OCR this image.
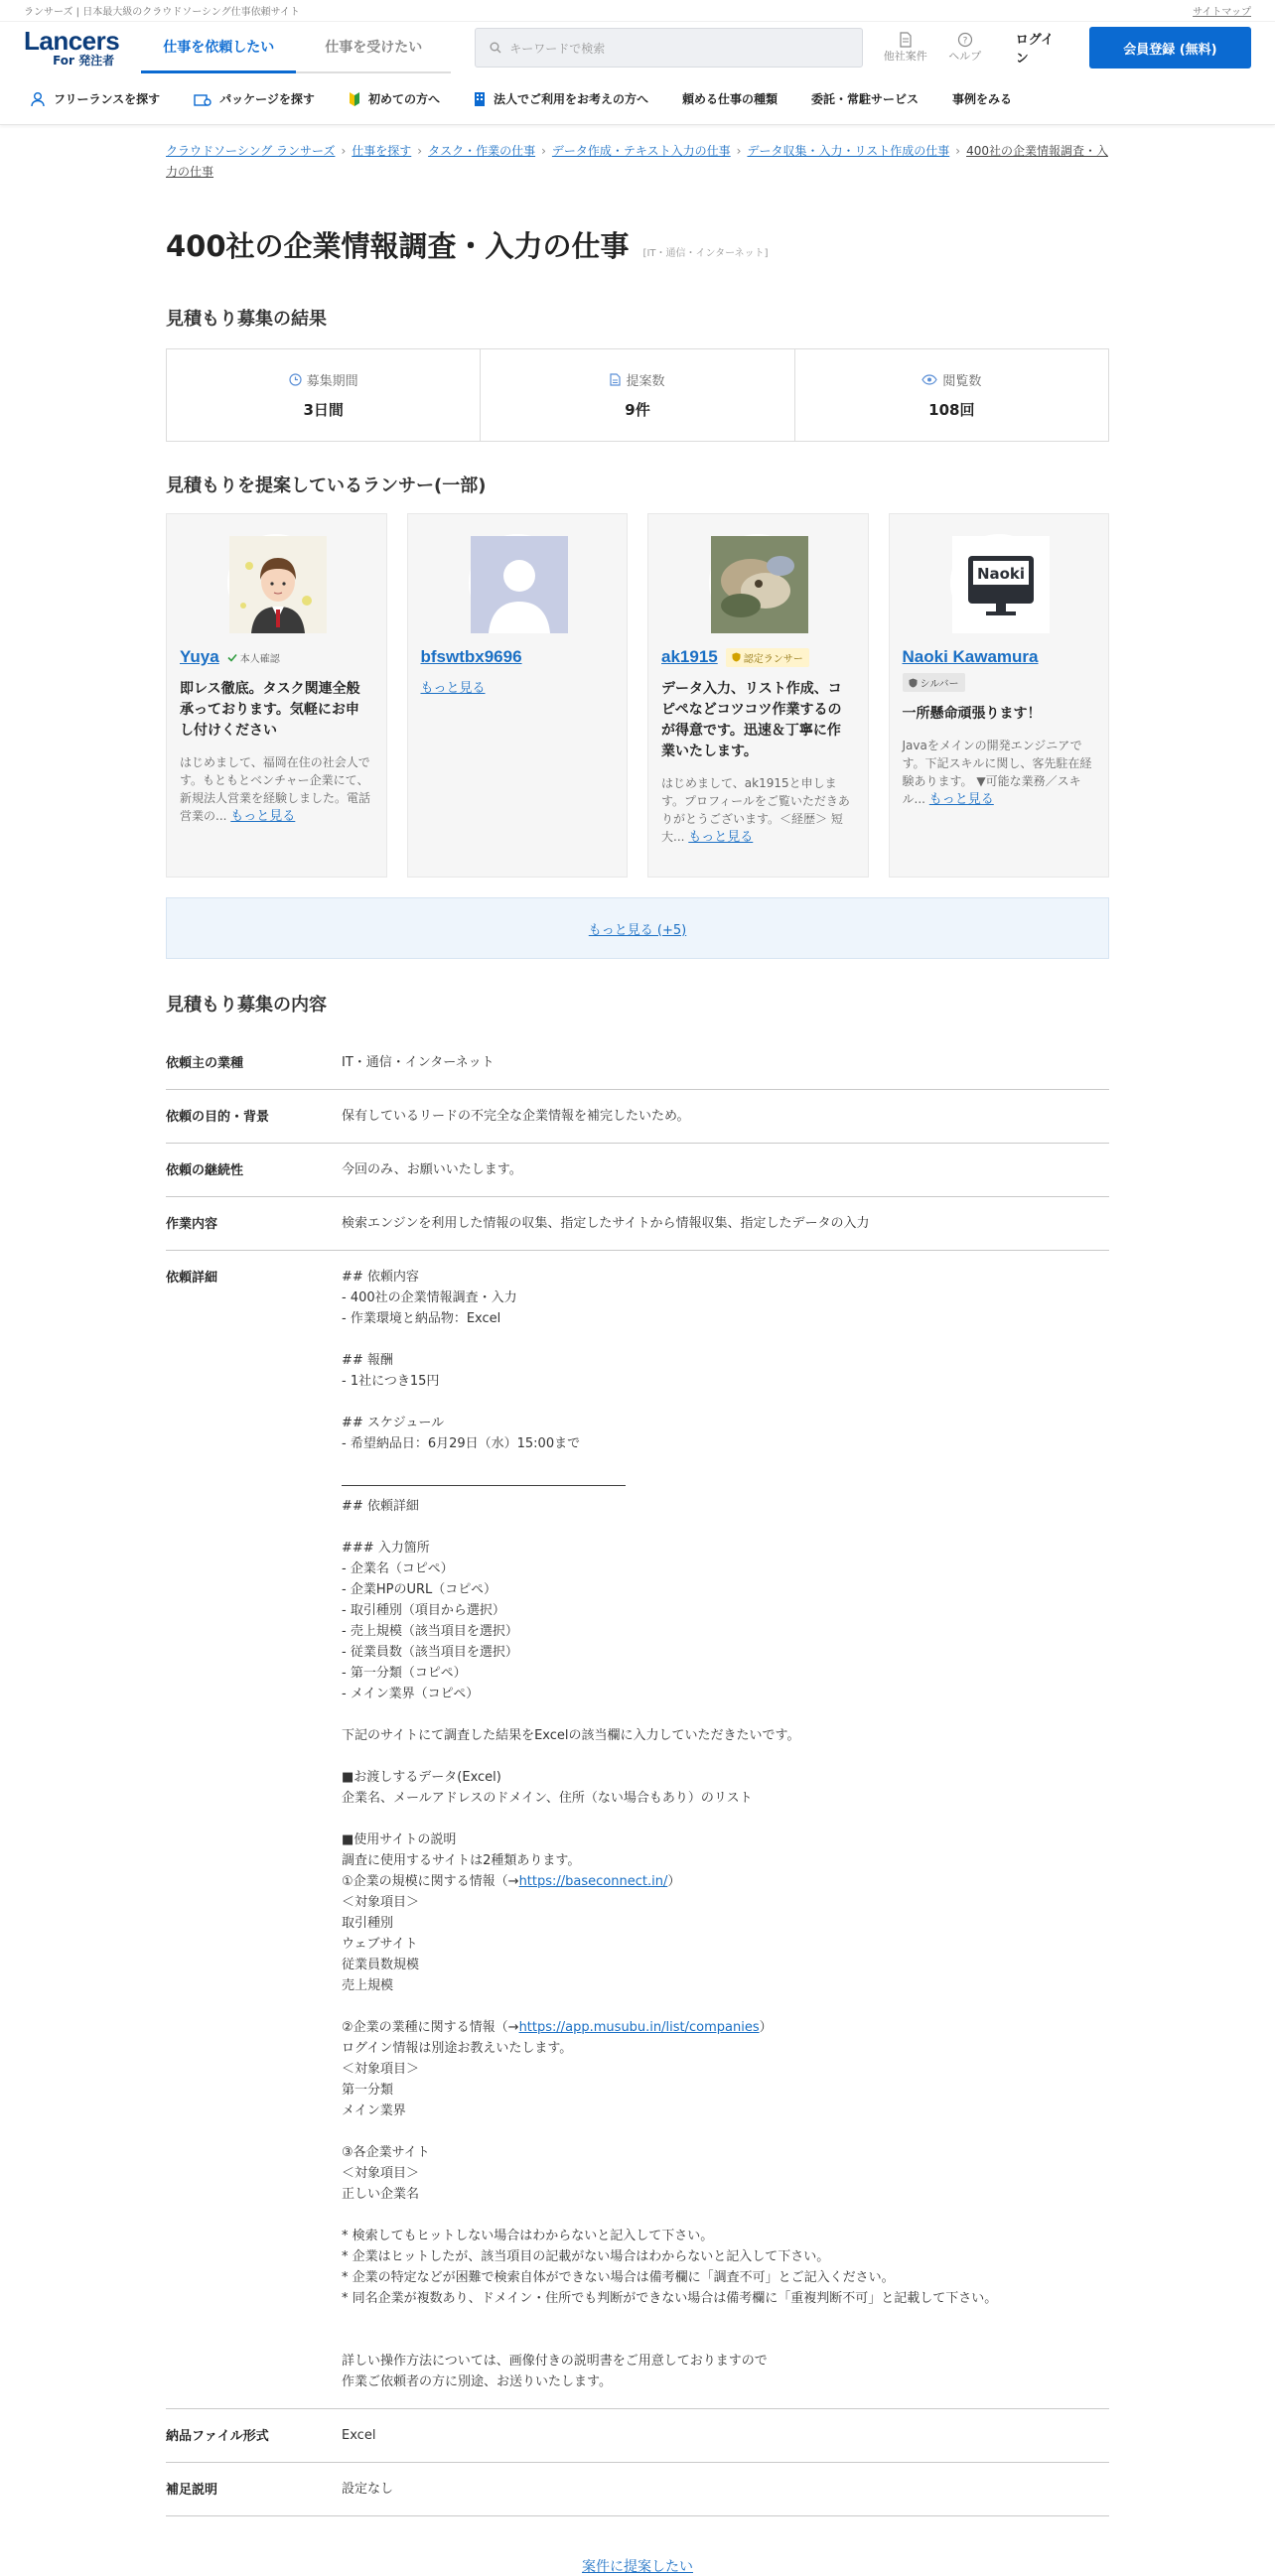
ランサーズ | 日本最大級のクラウドソーシング仕事依頼サイト	サイトマップ
Lancers
For 発注者
仕事を依頼したい	仕事を受けたい	キーワードで検索
他社案件
?
ヘルプ
ログイン
会員登録 (無料)
フリーランスを探す	パッケージを探す	初めての方へ	法人でご利用をお考えの方へ	頼める仕事の種類	委託・常駐サービス	事例をみる
クラウドソーシング ランサーズ › 仕事を探す › タスク・作業の仕事 › データ作成・テキスト入力の仕事 › データ収集・入力・リスト作成の仕事 › 400社の企業情報調査・入力の仕事
400社の企業情報調査・入力の仕事 [IT・通信・インターネット]
見積もり募集の結果
募集期間
3日間
提案数
9件
閲覧数
108回
見積もりを提案しているランサー(一部)
Yuya 本人確認
即レス徹底。タスク関連全般承っております。気軽にお申し付けください
はじめまして、福岡在住の社会人です。もともとベンチャー企業にて、新規法人営業を経験しました。電話営業の... もっと見る
bfswtbx9696
もっと見る
ak1915	認定ランサー
データ入力、リスト作成、コピペなどコツコツ作業するのが得意です。迅速＆丁寧に作業いたします。
はじめまして、ak1915と申します。プロフィールをご覧いただきありがとうございます。＜経歴＞ 短大... もっと見る
Naoki
Naoki Kawamura
シルバー
一所懸命頑張ります！
Javaをメインの開発エンジニアです。下記スキルに関し、客先駐在経験あります。 ▼可能な業務／スキル... もっと見る
もっと見る (+5)
見積もり募集の内容
依頼主の業種	IT・通信・インターネット
依頼の目的・背景	保有しているリードの不完全な企業情報を補完したいため。
依頼の継続性	今回のみ、お願いいたします。
作業内容	検索エンジンを利用した情報の収集、指定したサイトから情報収集、指定したデータの入力
依頼詳細	## 依頼内容
- 400社の企業情報調査・入力
- 作業環境と納品物：Excel

## 報酬
- 1社につき15円

## スケジュール
- 希望納品日：6月29日（水）15:00まで

――――――――――――――――――――――
## 依頼詳細

### 入力箇所
- 企業名（コピペ）
- 企業HPのURL（コピペ）
- 取引種別（項目から選択）
- 売上規模（該当項目を選択）
- 従業員数（該当項目を選択）
- 第一分類（コピペ）
- メイン業界（コピペ）

下記のサイトにて調査した結果をExcelの該当欄に入力していただきたいです。

■お渡しするデータ(Excel)
企業名、メールアドレスのドメイン、住所（ない場合もあり）のリスト

■使用サイトの説明
調査に使用するサイトは2種類あります。
①企業の規模に関する情報（→https://baseconnect.in/）
＜対象項目＞
取引種別
ウェブサイト
従業員数規模
売上規模

②企業の業種に関する情報（→https://app.musubu.in/list/companies）
ログイン情報は別途お教えいたします。
＜対象項目＞
第一分類
メイン業界

③各企業サイト
＜対象項目＞
正しい企業名

* 検索してもヒットしない場合はわからないと記入して下さい。
* 企業はヒットしたが、該当項目の記載がない場合はわからないと記入して下さい。
* 企業の特定などが困難で検索自体ができない場合は備考欄に「調査不可」とご記入ください。
* 同名企業が複数あり、ドメイン・住所でも判断ができない場合は備考欄に「重複判断不可」と記載して下さい。

詳しい操作方法については、画像付きの説明書をご用意しておりますので
作業ご依頼者の方に別途、お送りいたします。
納品ファイル形式	Excel
補足説明	設定なし
案件に提案したい
